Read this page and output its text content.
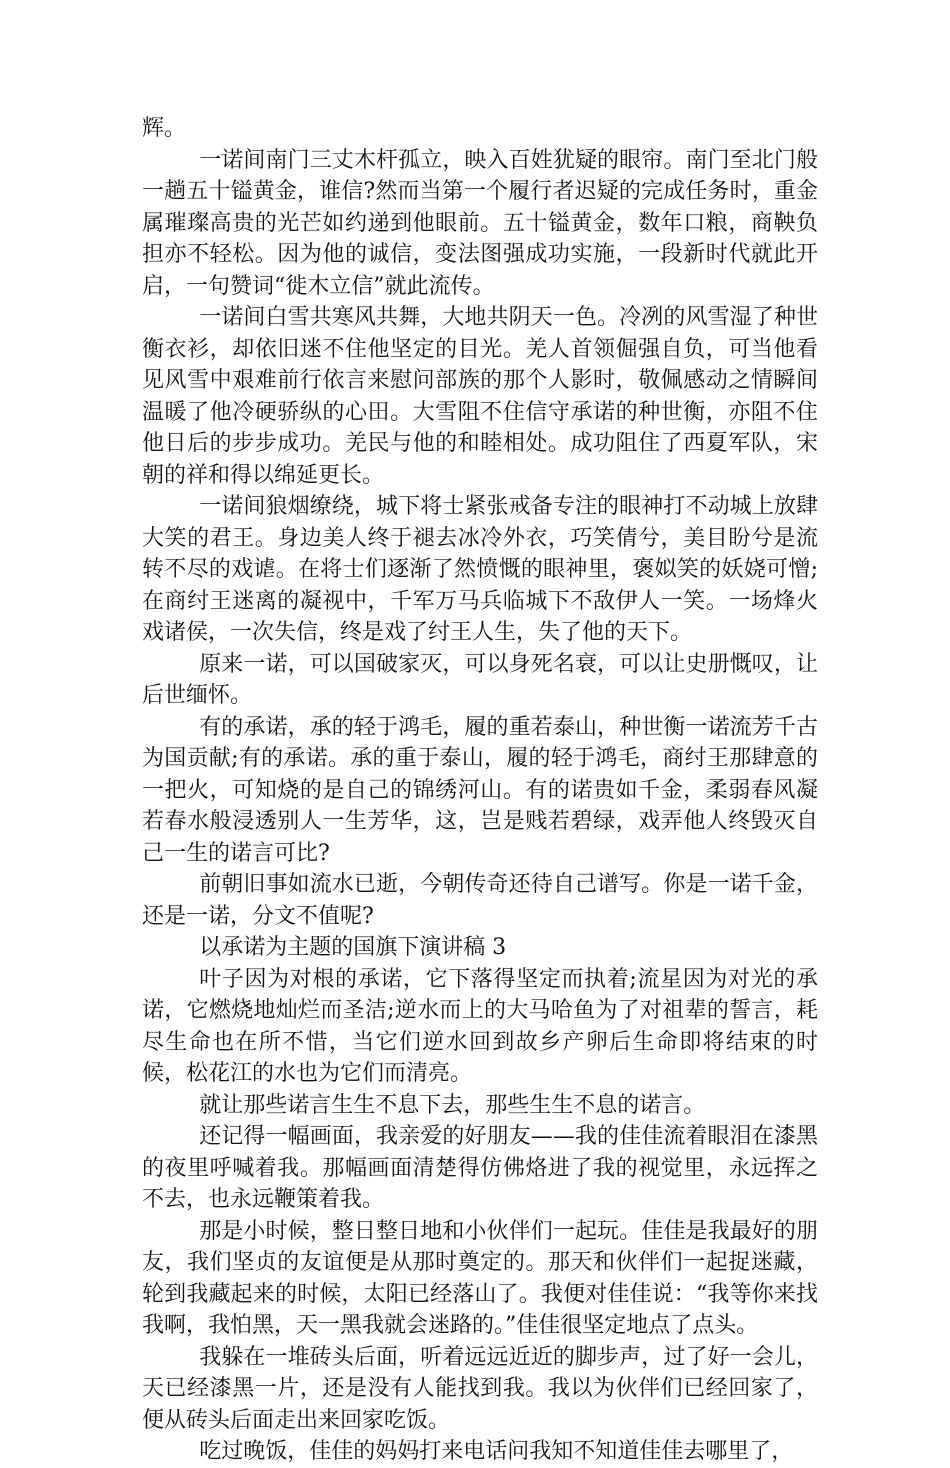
辉。

一诺间南门三丈木杆孤立，映入百姓犹疑的眼帘。南门至北门般一趟五十镒黄金，谁信?然而当第一个履行者迟疑的完成任务时，重金属璀璨高贵的光芒如约递到他眼前。五十镒黄金，数年口粮，商鞅负担亦不轻松。因为他的诚信，变法图强成功实施，一段新时代就此开启，一句赞词“徙木立信”就此流传。

一诺间白雪共寒风共舞，大地共阴天一色。冷冽的风雪湿了种世衡衣衫，却依旧迷不住他坚定的目光。羌人首领倔强自负，可当他看见风雪中艰难前行依言来慰问部族的那个人影时，敬佩感动之情瞬间温暖了他冷硬骄纵的心田。大雪阻不住信守承诺的种世衡，亦阻不住他日后的步步成功。羌民与他的和睦相处。成功阻住了西夏军队，宋朝的祥和得以绵延更长。

一诺间狼烟缭绕，城下将士紧张戒备专注的眼神打不动城上放肆大笑的君王。身边美人终于褪去冰冷外衣，巧笑倩兮，美目盼兮是流转不尽的戏谑。在将士们逐渐了然愤慨的眼神里，褒姒笑的妖娆可憎;在商纣王迷离的凝视中，千军万马兵临城下不敌伊人一笑。一场烽火戏诸侯，一次失信，终是戏了纣王人生，失了他的天下。

原来一诺，可以国破家灭，可以身死名衰，可以让史册慨叹，让后世缅怀。

有的承诺，承的轻于鸿毛，履的重若泰山，种世衡一诺流芳千古为国贡献;有的承诺。承的重于泰山，履的轻于鸿毛，商纣王那肆意的一把火，可知烧的是自己的锦绣河山。有的诺贵如千金，柔弱春风凝若春水般浸透别人一生芳华，这，岂是贱若碧绿，戏弄他人终毁灭自己一生的诺言可比?

前朝旧事如流水已逝，今朝传奇还待自己谱写。你是一诺千金，还是一诺，分文不值呢?

以承诺为主题的国旗下演讲稿 3

叶子因为对根的承诺，它下落得坚定而执着;流星因为对光的承诺，它燃烧地灿烂而圣洁;逆水而上的大马哈鱼为了对祖辈的誓言，耗尽生命也在所不惜，当它们逆水回到故乡产卵后生命即将结束的时候，松花江的水也为它们而清亮。

就让那些诺言生生不息下去，那些生生不息的诺言。

还记得一幅画面，我亲爱的好朋友——我的佳佳流着眼泪在漆黑的夜里呼喊着我。那幅画面清楚得仿佛烙进了我的视觉里，永远挥之不去，也永远鞭策着我。

那是小时候，整日整日地和小伙伴们一起玩。佳佳是我最好的朋友，我们坚贞的友谊便是从那时奠定的。那天和伙伴们一起捉迷藏，轮到我藏起来的时候，太阳已经落山了。我便对佳佳说：“我等你来找我啊，我怕黑，天一黑我就会迷路的。”佳佳很坚定地点了点头。

我躲在一堆砖头后面，听着远远近近的脚步声，过了好一会儿，天已经漆黑一片，还是没有人能找到我。我以为伙伴们已经回家了，便从砖头后面走出来回家吃饭。

吃过晚饭，佳佳的妈妈打来电话问我知不知道佳佳去哪里了，
